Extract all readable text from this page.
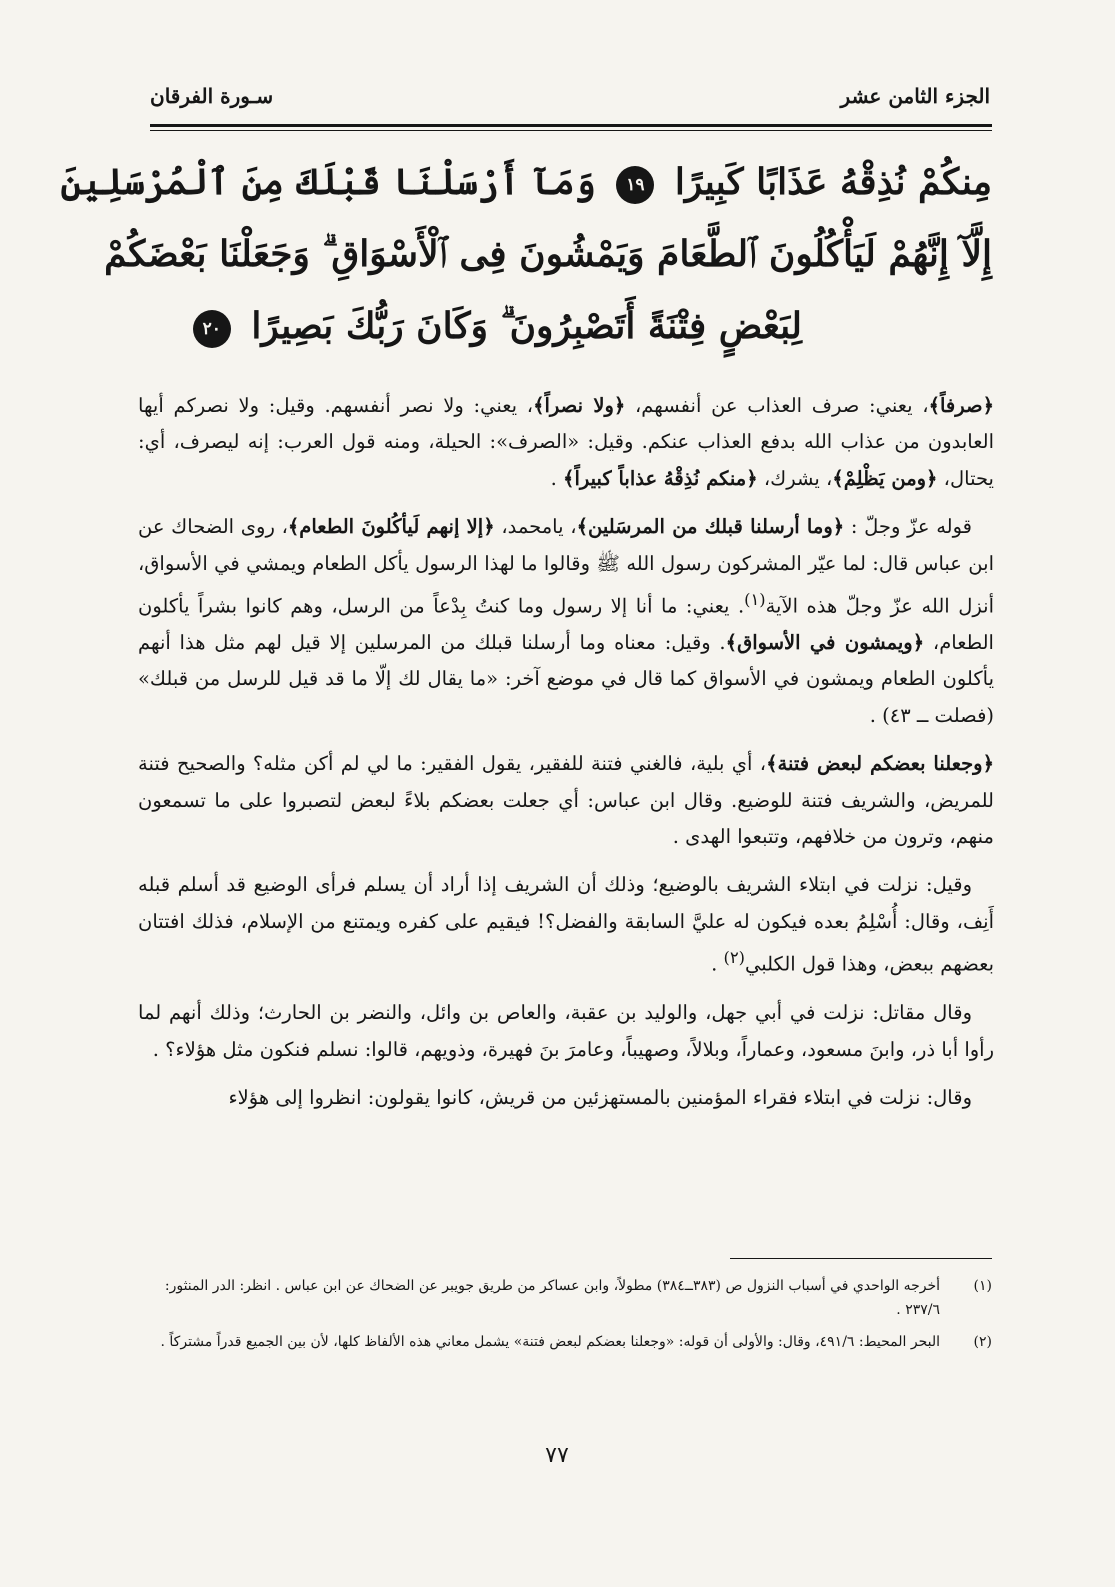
الجزء الثامن عشر
سـورة الفرقان
مِنكُمْ نُذِقْهُ عَذَابًا كَبِيرًا ١٩ وَمَآ أَرْسَلْنَا قَبْلَكَ مِنَ ٱلْمُرْسَلِينَ
إِلَّآ إِنَّهُمْ لَيَأْكُلُونَ ٱلطَّعَامَ وَيَمْشُونَ فِى ٱلْأَسْوَاقِ ۗ وَجَعَلْنَا بَعْضَكُمْ
لِبَعْضٍ فِتْنَةً أَتَصْبِرُونَ ۗ وَكَانَ رَبُّكَ بَصِيرًا ٢٠

﴿صرفاً﴾، يعني: صرف العذاب عن أنفسهم، ﴿ولا نصراً﴾، يعني: ولا نصر أنفسهم. وقيل: ولا نصركم أيها العابدون من عذاب الله بدفع العذاب عنكم. وقيل: «الصرف»: الحيلة، ومنه قول العرب: إنه ليصرف، أي: يحتال، ﴿ومن يَظْلِمْ﴾، يشرك، ﴿منكم نُذِقْهُ عذاباً كبيراً﴾ .

قوله عزّ وجلّ : ﴿وما أرسلنا قبلك من المرسَلين﴾، يامحمد، ﴿إلا إنهم لَيأكُلونَ الطعام﴾، روى الضحاك عن ابن عباس قال: لما عيّر المشركون رسول الله ﷺ وقالوا ما لهذا الرسول يأكل الطعام ويمشي في الأسواق، أنزل الله عزّ وجلّ هذه الآية$^{(١)}$. يعني: ما أنا إلا رسول وما كنتُ بِدْعاً من الرسل، وهم كانوا بشراً يأكلون الطعام، ﴿ويمشون في الأسواق﴾. وقيل: معناه وما أرسلنا قبلك من المرسلين إلا قيل لهم مثل هذا أنهم يأكلون الطعام ويمشون في الأسواق كما قال في موضع آخر: «ما يقال لك إلّا ما قد قيل للرسل من قبلك» (فصلت ــ ٤٣) .

﴿وجعلنا بعضكم لبعض فتنة﴾، أي بلية، فالغني فتنة للفقير، يقول الفقير: ما لي لم أكن مثله؟ والصحيح فتنة للمريض، والشريف فتنة للوضيع. وقال ابن عباس: أي جعلت بعضكم بلاءً لبعض لتصبروا على ما تسمعون منهم، وترون من خلافهم، وتتبعوا الهدى .

وقيل: نزلت في ابتلاء الشريف بالوضيع؛ وذلك أن الشريف إذا أراد أن يسلم فرأى الوضيع قد أسلم قبله أَنِف، وقال: أُسْلِمُ بعده فيكون له عليَّ السابقة والفضل؟! فيقيم على كفره ويمتنع من الإسلام، فذلك افتتان بعضهم ببعض، وهذا قول الكلبي$^{(٢)}$ .

وقال مقاتل: نزلت في أبي جهل، والوليد بن عقبة، والعاص بن وائل، والنضر بن الحارث؛ وذلك أنهم لما رأوا أبا ذر، وابنَ مسعود، وعماراً، وبلالاً، وصهيباً، وعامرَ بنَ فهيرة، وذويهم، قالوا: نسلم فنكون مثل هؤلاء؟ .

وقال: نزلت في ابتلاء فقراء المؤمنين بالمستهزئين من قريش، كانوا يقولون: انظروا إلى هؤلاء

(١)
أخرجه الواحدي في أسباب النزول ص (٣٨٣ــ٣٨٤) مطولاً، وابن عساكر من طريق جويبر عن الضحاك عن ابن عباس . انظر: الدر المنثور: ٢٣٧/٦ .
(٢)
البحر المحيط: ٤٩١/٦، وقال: والأولى أن قوله: «وجعلنا بعضكم لبعض فتنة» يشمل معاني هذه الألفاظ كلها، لأن بين الجميع قدراً مشتركاً .
٧٧
